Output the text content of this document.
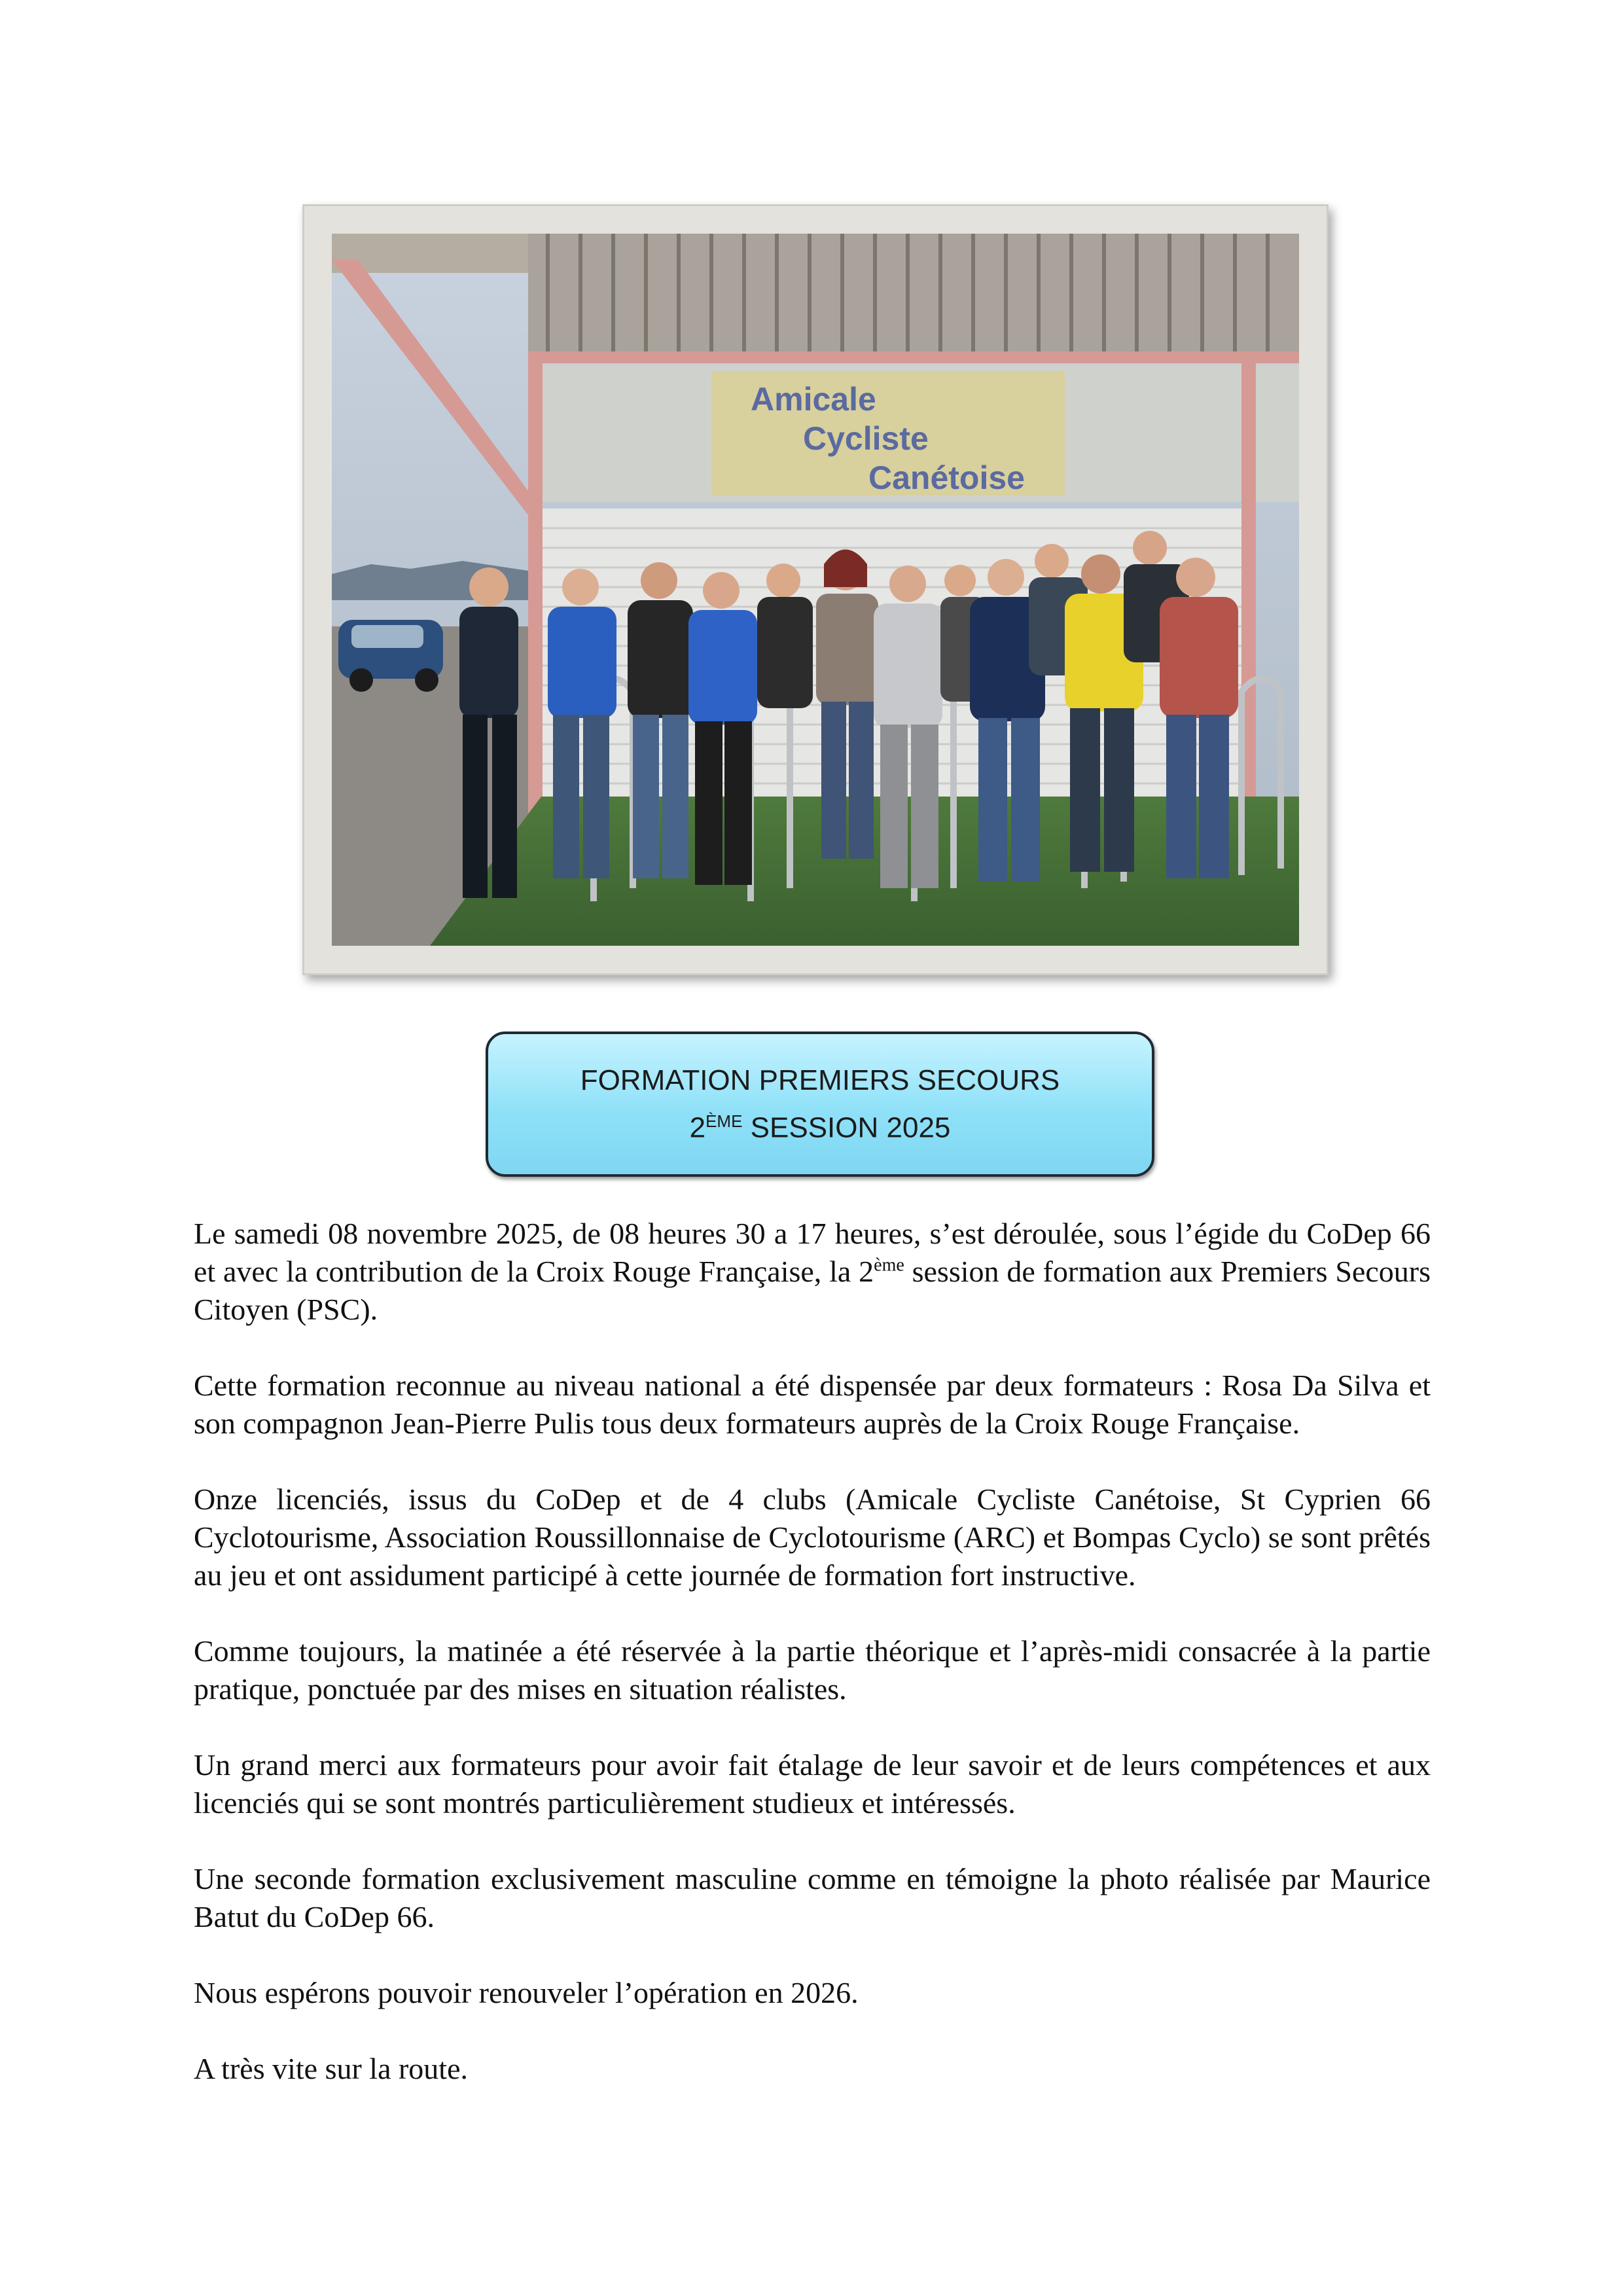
Amicale
Cycliste
Canétoise
FORMATION PREMIERS SECOURS
2ÈME SESSION 2025

Le samedi 08 novembre 2025, de 08 heures 30 a 17 heures, s’est déroulée, sous l’égide du CoDep 66 et avec la contribution de la Croix Rouge Française, la 2ème session de formation aux Premiers Secours Citoyen (PSC).

Cette formation reconnue au niveau national a été dispensée par deux formateurs : Rosa Da Silva et son compagnon Jean-Pierre Pulis tous deux formateurs auprès de la Croix Rouge Française.

Onze licenciés, issus du CoDep et de 4 clubs (Amicale Cycliste Canétoise, St Cyprien 66 Cyclotourisme, Association Roussillonnaise de Cyclotourisme (ARC) et Bompas Cyclo) se sont prêtés au jeu et ont assidument participé à cette journée de formation fort instructive.

Comme toujours, la matinée a été réservée à la partie théorique et l’après-midi consacrée à la partie pratique, ponctuée par des mises en situation réalistes.

Un grand merci aux formateurs pour avoir fait étalage de leur savoir et de leurs compétences et aux licenciés qui se sont montrés particulièrement studieux et intéressés.

Une seconde formation exclusivement masculine comme en témoigne la photo réalisée par Maurice Batut du CoDep 66.

Nous espérons pouvoir renouveler l’opération en 2026.

A très vite sur la route.
